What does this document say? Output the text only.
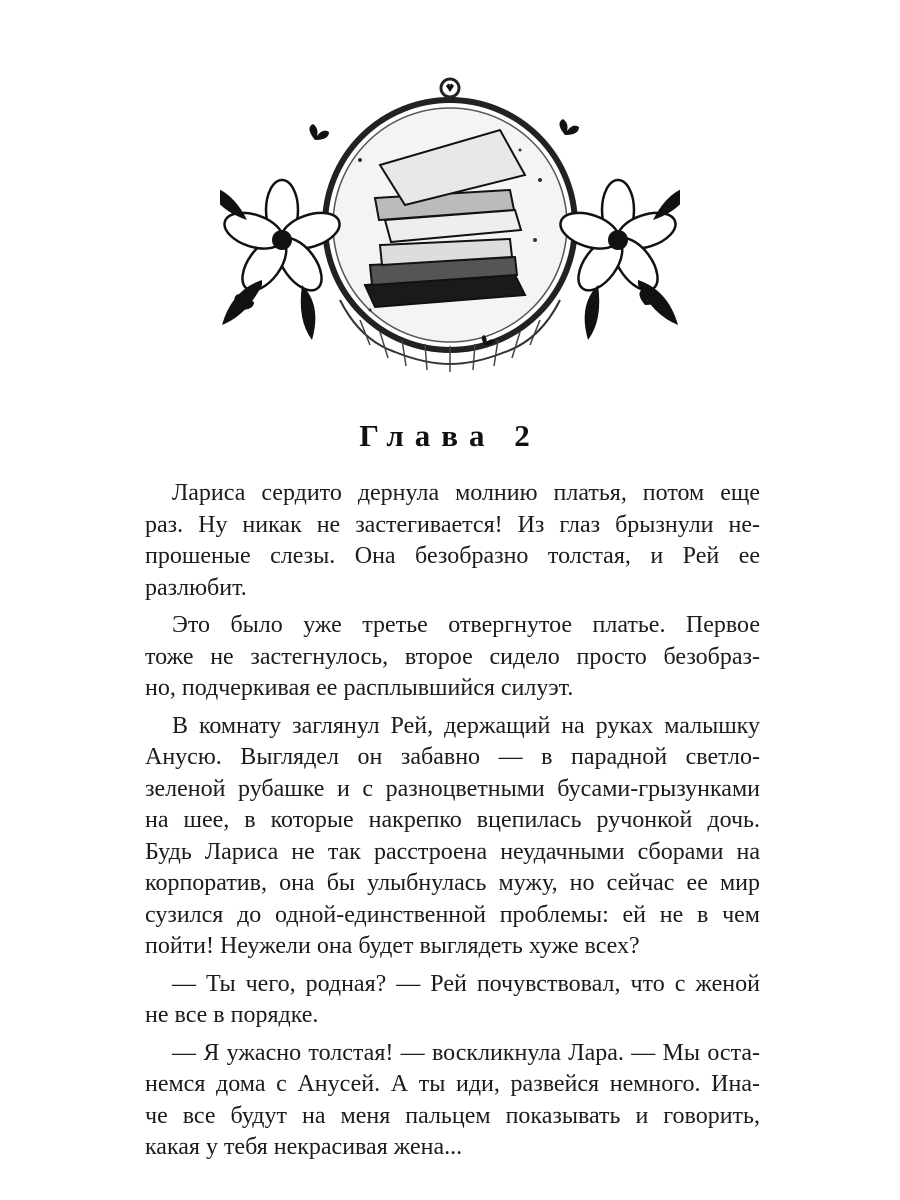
Глава 2

Лариса сердито дернула молнию платья, потом еще
раз. Ну никак не застегивается! Из глаз брызнули не-
прошеные слезы. Она безобразно толстая, и Рей ее
разлюбит.

Это было уже третье отвергнутое платье. Первое
тоже не застегнулось, второе сидело просто безобраз-
но, подчеркивая ее расплывшийся силуэт.

В комнату заглянул Рей, держащий на руках малышку
Анусю. Выглядел он забавно — в парадной светло-
зеленой рубашке и с разноцветными бусами-грызунками
на шее, в которые накрепко вцепилась ручонкой дочь.
Будь Лариса не так расстроена неудачными сборами на
корпоратив, она бы улыбнулась мужу, но сейчас ее мир
сузился до одной-единственной проблемы: ей не в чем
пойти! Неужели она будет выглядеть хуже всех?

— Ты чего, родная? — Рей почувствовал, что с женой
не все в порядке.

— Я ужасно толстая! — воскликнула Лара. — Мы оста-
немся дома с Анусей. А ты иди, развейся немного. Ина-
че все будут на меня пальцем показывать и говорить,
какая у тебя некрасивая жена...
